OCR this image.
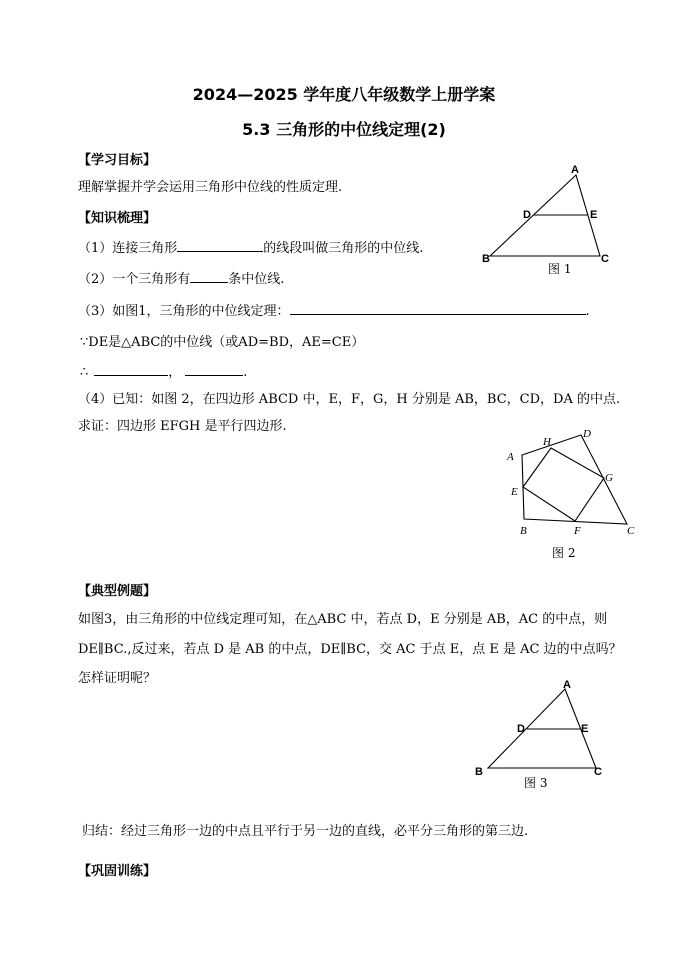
2024—2025 学年度八年级数学上册学案
5.3 三角形的中位线定理(2)
【学习目标】
理解掌握并学会运用三角形中位线的性质定理.
【知识梳理】
（1）连接三角形	的线段叫做三角形的中位线.
（2）一个三角形有	条中位线.
（3）如图1，三角形的中位线定理：	.
∵DE是△ABC的中位线（或AD=BD，AE=CE）
∴	，	.
（4）已知：如图 2，在四边形 ABCD 中，E，F，G，H 分别是 AB，BC，CD，DA 的中点.
求证：四边形 EFGH 是平行四边形.
A
B	C
D	E
图 1
A
B	C
D
E
F
G
H
图 2
【典型例题】
如图3，由三角形的中位线定理可知，在△ABC 中，若点 D，E 分别是 AB，AC 的中点，则
DE∥BC.,反过来，若点 D 是 AB 的中点，DE∥BC，交 AC 于点 E，点 E 是 AC 边的中点吗？
怎样证明呢？	A
B	C
D	E
图 3
归结：经过三角形一边的中点且平行于另一边的直线，必平分三角形的第三边.
【巩固训练】
